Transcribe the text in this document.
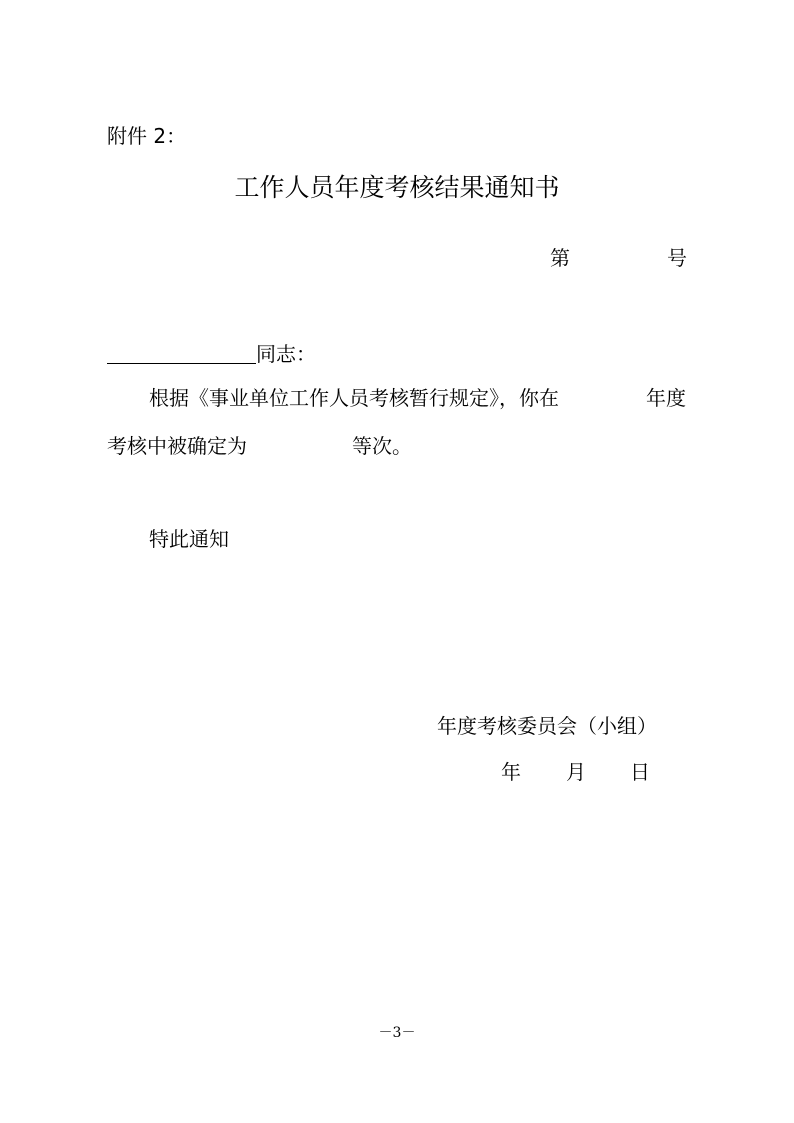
附件 2：
工作人员年度考核结果通知书
第	号
同志：
根据《事业单位工作人员考核暂行规定》，你在	年度
考核中被确定为	等次。
特此通知
年度考核委员会（小组）
年 月 日
－3－
